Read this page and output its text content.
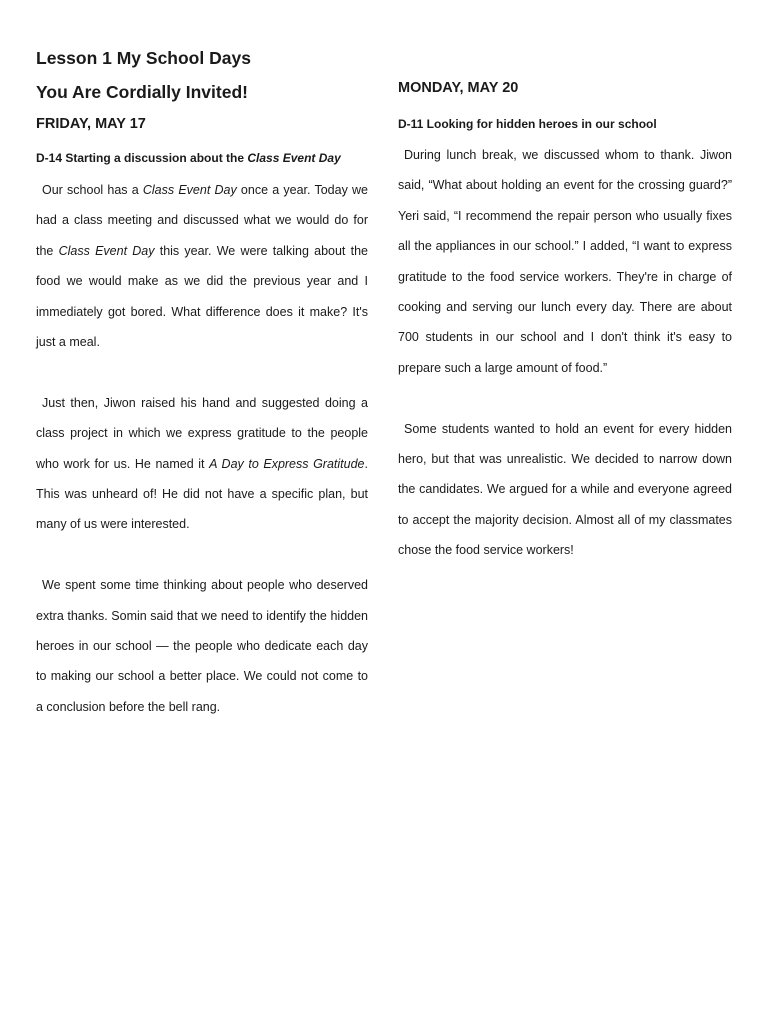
Lesson 1 My School Days
You Are Cordially Invited!
FRIDAY, MAY 17
D-14 Starting a discussion about the Class Event Day

Our school has a Class Event Day once a year. Today we had a class meeting and discussed what we would do for the Class Event Day this year. We were talking about the food we would make as we did the previous year and I immediately got bored. What difference does it make? It's just a meal.

Just then, Jiwon raised his hand and suggested doing a class project in which we express gratitude to the people who work for us. He named it A Day to Express Gratitude. This was unheard of! He did not have a specific plan, but many of us were interested.

We spent some time thinking about people who deserved extra thanks. Somin said that we need to identify the hidden heroes in our school — the people who dedicate each day to making our school a better place. We could not come to a conclusion before the bell rang.

MONDAY, MAY 20
D-11 Looking for hidden heroes in our school

During lunch break, we discussed whom to thank. Jiwon said, “What about holding an event for the crossing guard?” Yeri said, “I recommend the repair person who usually fixes all the appliances in our school.” I added, “I want to express gratitude to the food service workers. They're in charge of cooking and serving our lunch every day. There are about 700 students in our school and I don't think it's easy to prepare such a large amount of food.”

Some students wanted to hold an event for every hidden hero, but that was unrealistic. We decided to narrow down the candidates. We argued for a while and everyone agreed to accept the majority decision. Almost all of my classmates chose the food service workers!
